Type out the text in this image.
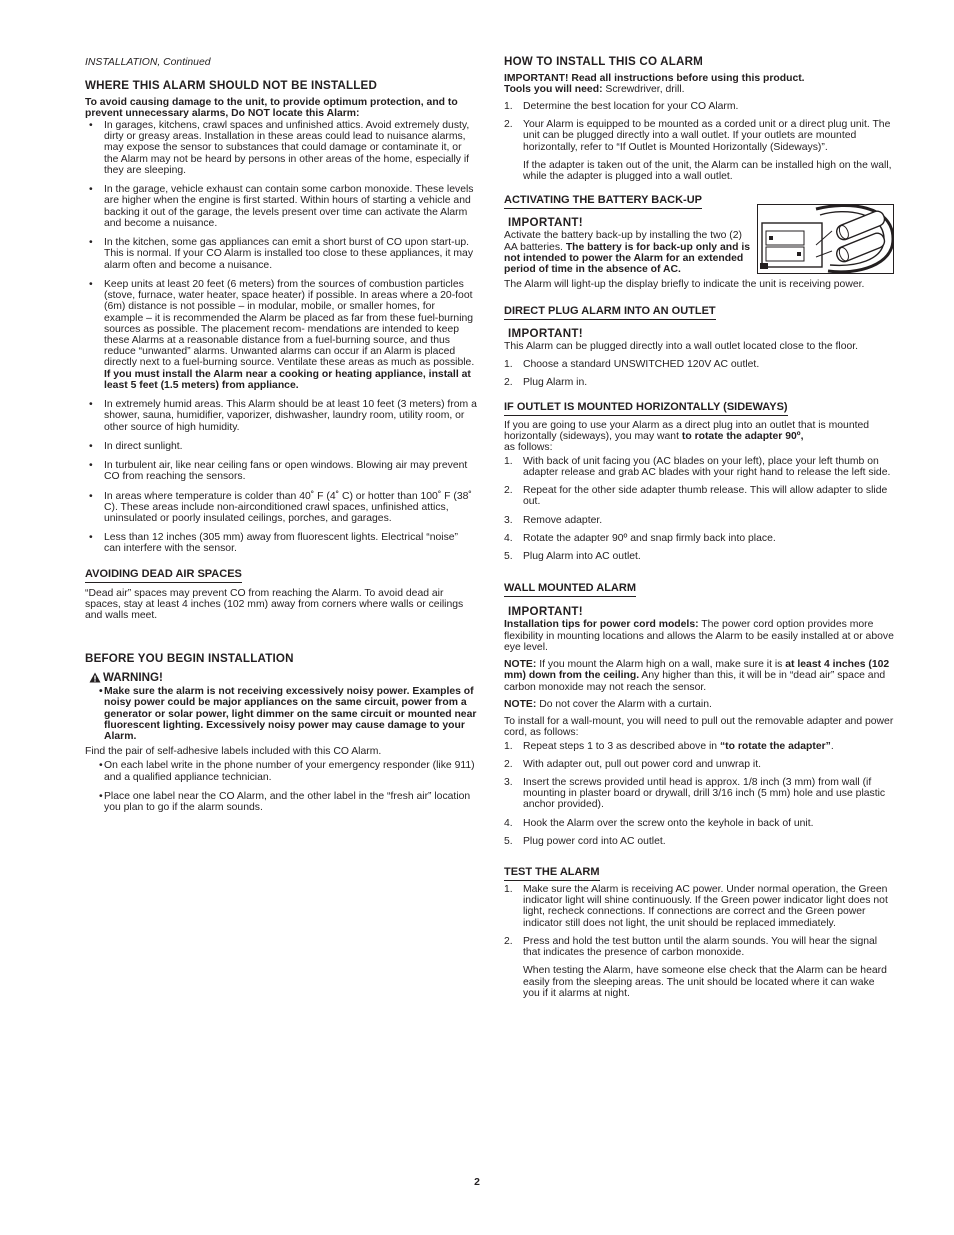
INSTALLATION, Continued
WHERE THIS ALARM SHOULD NOT BE INSTALLED

To avoid causing damage to the unit, to provide optimum protection, and to prevent unnecessary alarms, Do NOT locate this Alarm:

• In garages, kitchens, crawl spaces and unfinished attics. Avoid extremely dusty, dirty or greasy areas. Installation in these areas could lead to nuisance alarms, may expose the sensor to substances that could damage or contaminate it, or the Alarm may not be heard by persons in other areas of the home, especially if they are sleeping.
• In the garage, vehicle exhaust can contain some carbon monoxide. These levels are higher when the engine is first started. Within hours of starting a vehicle and backing it out of the garage, the levels present over time can activate the Alarm and become a nuisance.
• In the kitchen, some gas appliances can emit a short burst of CO upon start-up. This is normal. If your CO Alarm is installed too close to these appliances, it may alarm often and become a nuisance.
• Keep units at least 20 feet (6 meters) from the sources of combustion particles (stove, furnace, water heater, space heater) if possible. In areas where a 20-foot (6m) distance is not possible – in modular, mobile, or smaller homes, for example – it is recommended the Alarm be placed as far from these fuel-burning sources as possible. The placement recom- mendations are intended to keep these Alarms at a reasonable distance from a fuel-burning source, and thus reduce “unwanted” alarms. Unwanted alarms can occur if an Alarm is placed directly next to a fuel-burning source. Ventilate these areas as much as possible. If you must install the Alarm near a cooking or heating appliance, install at least 5 feet (1.5 meters) from appliance.
• In extremely humid areas. This Alarm should be at least 10 feet (3 meters) from a shower, sauna, humidifier, vaporizer, dishwasher, laundry room, utility room, or other source of high humidity.
• In direct sunlight.
• In turbulent air, like near ceiling fans or open windows. Blowing air may prevent CO from reaching the sensors.
• In areas where temperature is colder than 40˚ F (4˚ C) or hotter than 100˚ F (38˚ C). These areas include non-airconditioned crawl spaces, unfinished attics, uninsulated or poorly insulated ceilings, porches, and garages.
• Less than 12 inches (305 mm) away from fluorescent lights. Electrical “noise” can interfere with the sensor.
AVOIDING DEAD AIR SPACES

“Dead air” spaces may prevent CO from reaching the Alarm. To avoid dead air spaces, stay at least 4 inches (102 mm) away from corners where walls or ceilings and walls meet.

BEFORE YOU BEGIN INSTALLATION
WARNING!
• Make sure the alarm is not receiving excessively noisy power. Examples of noisy power could be major appliances on the same circuit, power from a generator or solar power, light dimmer on the same circuit or mounted near fluorescent lighting. Excessively noisy power may cause damage to your Alarm.

Find the pair of self-adhesive labels included with this CO Alarm.

• On each label write in the phone number of your emergency responder (like 911) and a qualified appliance technician.
• Place one label near the CO Alarm, and the other label in the “fresh air” location you plan to go if the alarm sounds.
HOW TO INSTALL THIS CO ALARM

IMPORTANT! Read all instructions before using this product.

Tools you will need: Screwdriver, drill.

1. Determine the best location for your CO Alarm.
2. Your Alarm is equipped to be mounted as a corded unit or a direct plug unit. The unit can be plugged directly into a wall outlet. If your outlets are mounted horizontally, refer to “If Outlet is Mounted Horizontally (Sideways)”.

If the adapter is taken out of the unit, the Alarm can be installed high on the wall, while the adapter is plugged into a wall outlet.

ACTIVATING THE BATTERY BACK-UP

IMPORTANT!

Activate the battery back-up by installing the two (2) AA batteries. The battery is for back-up only and is not intended to power the Alarm for an extended period of time in the absence of AC.

The Alarm will light-up the display briefly to indicate the unit is receiving power.

DIRECT PLUG ALARM INTO AN OUTLET

IMPORTANT!

This Alarm can be plugged directly into a wall outlet located close to the floor.

1. Choose a standard UNSWITCHED 120V AC outlet.
2. Plug Alarm in.
IF OUTLET IS MOUNTED HORIZONTALLY (SIDEWAYS)

If you are going to use your Alarm as a direct plug into an outlet that is mounted horizontally (sideways), you may want to rotate the adapter 90º,
as follows:

1. With back of unit facing you (AC blades on your left), place your left thumb on adapter release and grab AC blades with your right hand to release the left side.
2. Repeat for the other side adapter thumb release. This will allow adapter to slide out.
3. Remove adapter.
4. Rotate the adapter 90º and snap firmly back into place.
5. Plug Alarm into AC outlet.
WALL MOUNTED ALARM

IMPORTANT!

Installation tips for power cord models: The power cord option provides more flexibility in mounting locations and allows the Alarm to be easily installed at or above eye level.

NOTE: If you mount the Alarm high on a wall, make sure it is at least 4 inches (102 mm) down from the ceiling. Any higher than this, it will be in “dead air” space and carbon monoxide may not reach the sensor.

NOTE: Do not cover the Alarm with a curtain.

To install for a wall-mount, you will need to pull out the removable adapter and power cord, as follows:

1. Repeat steps 1 to 3 as described above in “to rotate the adapter”.
2. With adapter out, pull out power cord and unwrap it.
3. Insert the screws provided until head is approx. 1/8 inch (3 mm) from wall (if mounting in plaster board or drywall, drill 3/16 inch (5 mm) hole and use plastic anchor provided).
4. Hook the Alarm over the screw onto the keyhole in back of unit.
5. Plug power cord into AC outlet.
TEST THE ALARM
1. Make sure the Alarm is receiving AC power. Under normal operation, the Green indicator light will shine continuously. If the Green power indicator light does not light, recheck connections. If connections are correct and the Green power indicator still does not light, the unit should be replaced immediately.
2. Press and hold the test button until the alarm sounds. You will hear the signal that indicates the presence of carbon monoxide.

When testing the Alarm, have someone else check that the Alarm can be heard easily from the sleeping areas. The unit should be located where it can wake you if it alarms at night.

2
